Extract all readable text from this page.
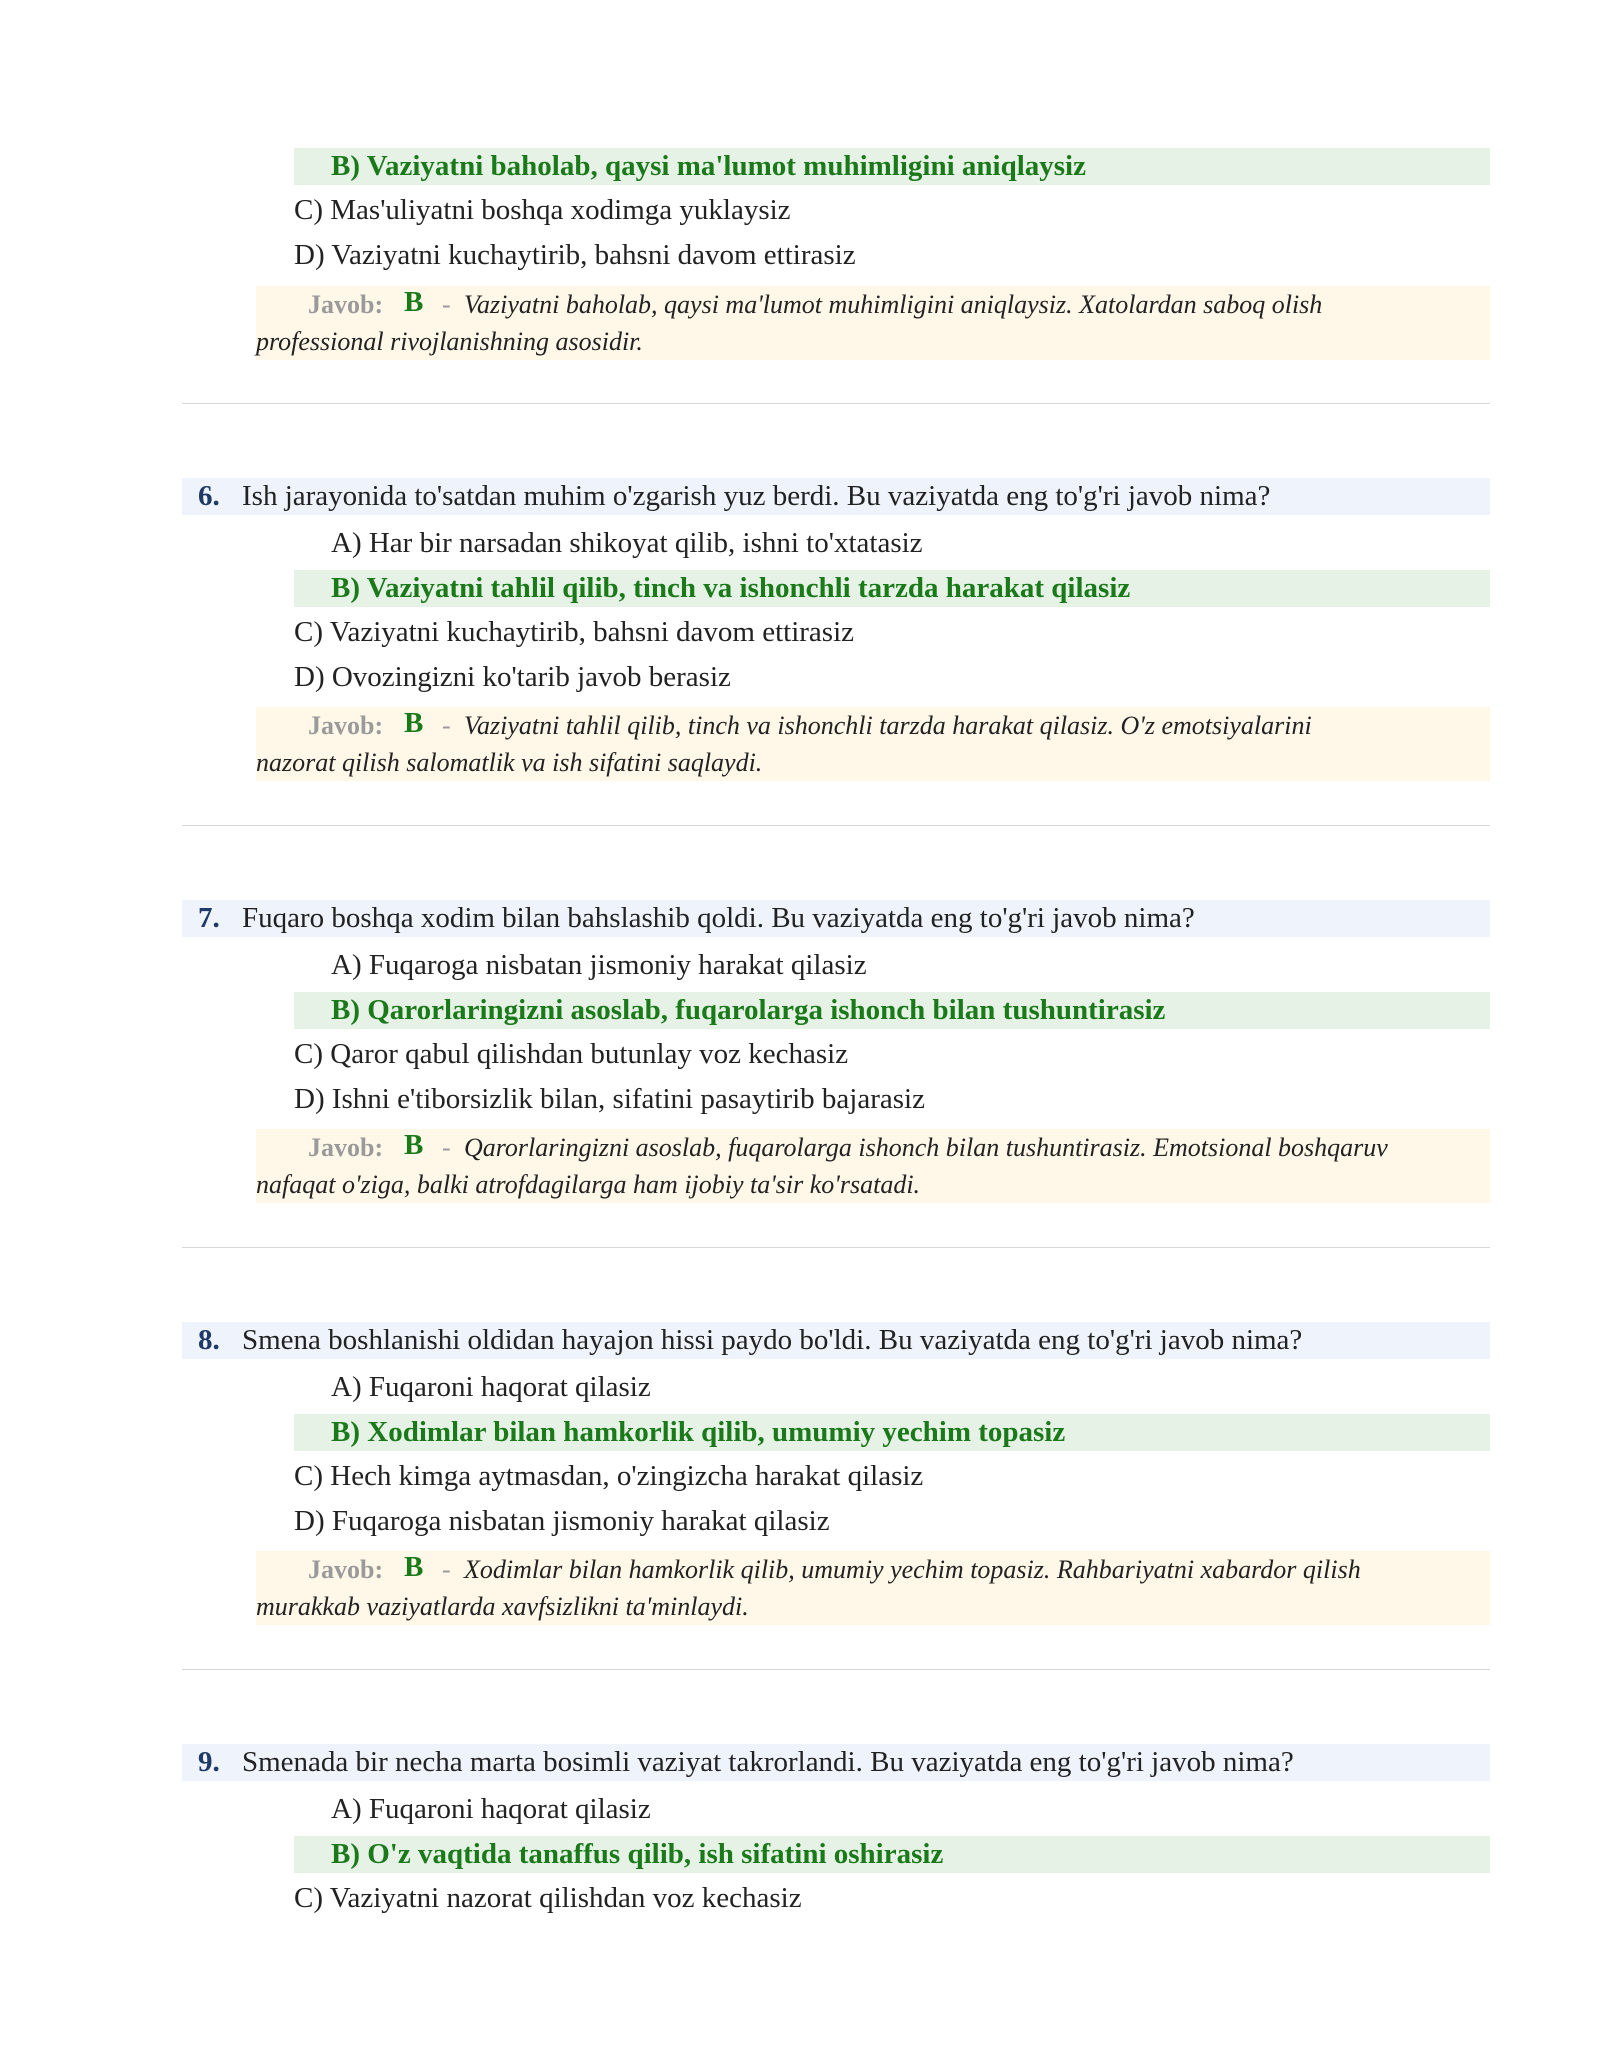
B) Vaziyatni baholab, qaysi ma'lumot muhimligini aniqlaysiz
C) Mas'uliyatni boshqa xodimga yuklaysiz
D) Vaziyatni kuchaytirib, bahsni davom ettirasiz
Javob: B - Vaziyatni baholab, qaysi ma'lumot muhimligini aniqlaysiz. Xatolardan saboq olish
professional rivojlanishning asosidir.
6. Ish jarayonida to'satdan muhim o'zgarish yuz berdi. Bu vaziyatda eng to'g'ri javob nima?
A) Har bir narsadan shikoyat qilib, ishni to'xtatasiz
B) Vaziyatni tahlil qilib, tinch va ishonchli tarzda harakat qilasiz
C) Vaziyatni kuchaytirib, bahsni davom ettirasiz
D) Ovozingizni ko'tarib javob berasiz
Javob: B - Vaziyatni tahlil qilib, tinch va ishonchli tarzda harakat qilasiz. O'z emotsiyalarini
nazorat qilish salomatlik va ish sifatini saqlaydi.
7. Fuqaro boshqa xodim bilan bahslashib qoldi. Bu vaziyatda eng to'g'ri javob nima?
A) Fuqaroga nisbatan jismoniy harakat qilasiz
B) Qarorlaringizni asoslab, fuqarolarga ishonch bilan tushuntirasiz
C) Qaror qabul qilishdan butunlay voz kechasiz
D) Ishni e'tiborsizlik bilan, sifatini pasaytirib bajarasiz
Javob: B - Qarorlaringizni asoslab, fuqarolarga ishonch bilan tushuntirasiz. Emotsional boshqaruv
nafaqat o'ziga, balki atrofdagilarga ham ijobiy ta'sir ko'rsatadi.
8. Smena boshlanishi oldidan hayajon hissi paydo bo'ldi. Bu vaziyatda eng to'g'ri javob nima?
A) Fuqaroni haqorat qilasiz
B) Xodimlar bilan hamkorlik qilib, umumiy yechim topasiz
C) Hech kimga aytmasdan, o'zingizcha harakat qilasiz
D) Fuqaroga nisbatan jismoniy harakat qilasiz
Javob: B - Xodimlar bilan hamkorlik qilib, umumiy yechim topasiz. Rahbariyatni xabardor qilish
murakkab vaziyatlarda xavfsizlikni ta'minlaydi.
9. Smenada bir necha marta bosimli vaziyat takrorlandi. Bu vaziyatda eng to'g'ri javob nima?
A) Fuqaroni haqorat qilasiz
B) O'z vaqtida tanaffus qilib, ish sifatini oshirasiz
C) Vaziyatni nazorat qilishdan voz kechasiz
